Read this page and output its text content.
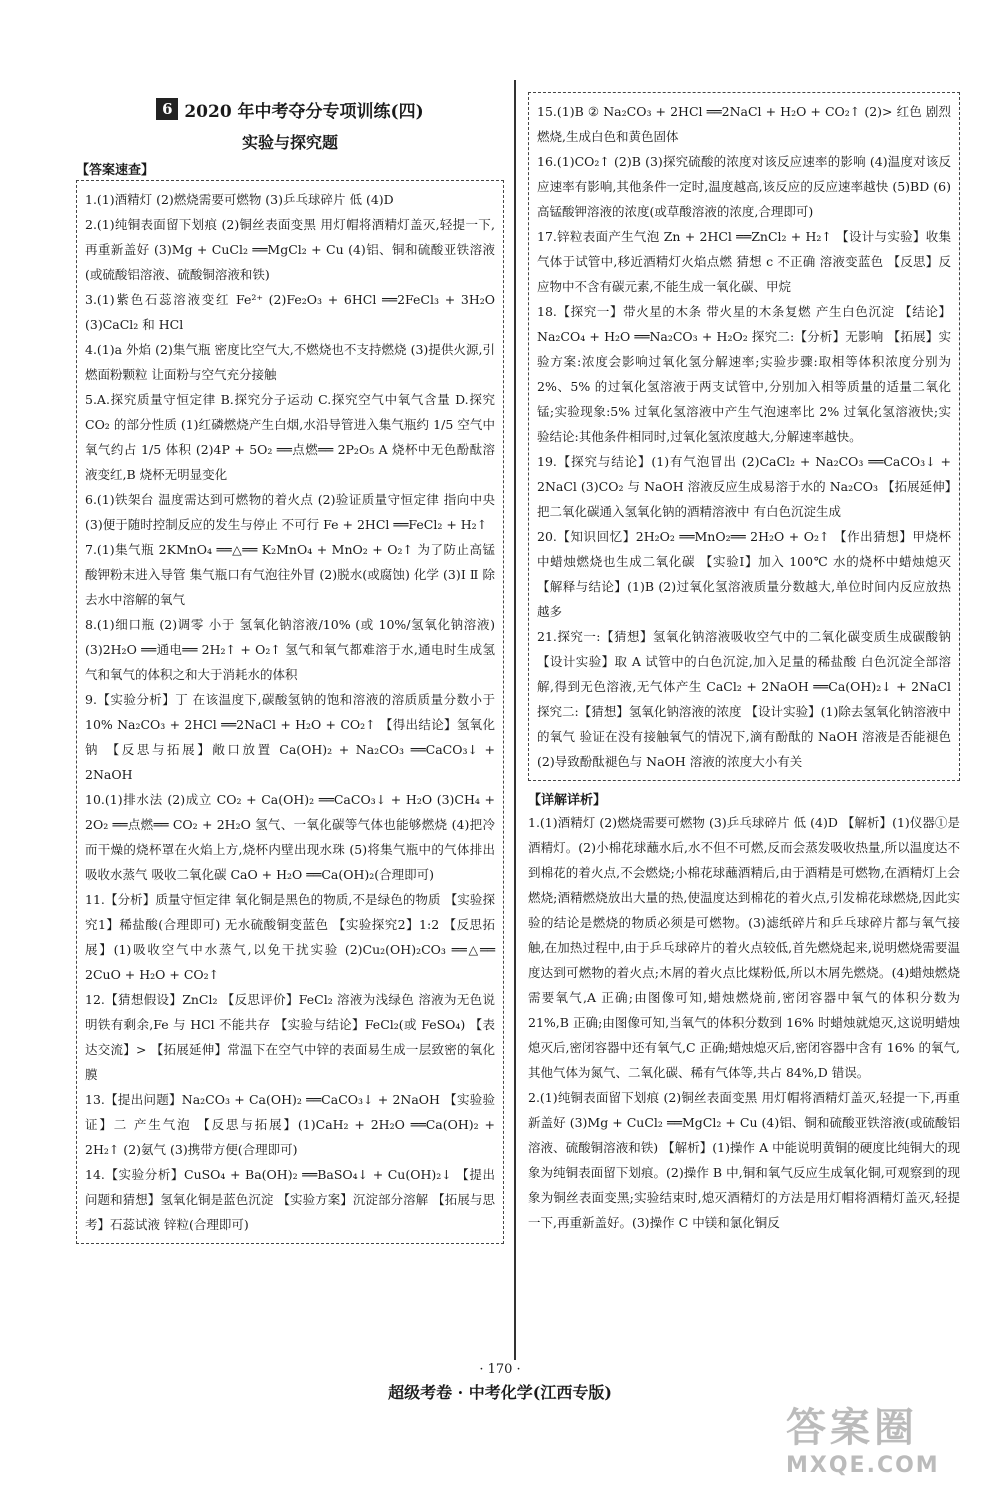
6 2020 年中考夺分专项训练(四)
实验与探究题
【答案速查】

1.(1)酒精灯 (2)燃烧需要可燃物 (3)乒乓球碎片 低 (4)D

2.(1)纯铜表面留下划痕 (2)铜丝表面变黑 用灯帽将酒精灯盖灭,轻提一下,再重新盖好 (3)Mg + CuCl₂ ══MgCl₂ + Cu (4)铝、铜和硫酸亚铁溶液(或硫酸铝溶液、硫酸铜溶液和铁)

3.(1)紫色石蕊溶液变红 Fe²⁺ (2)Fe₂O₃ + 6HCl ══2FeCl₃ + 3H₂O (3)CaCl₂ 和 HCl

4.(1)a 外焰 (2)集气瓶 密度比空气大,不燃烧也不支持燃烧 (3)提供火源,引燃面粉颗粒 让面粉与空气充分接触

5.A.探究质量守恒定律 B.探究分子运动 C.探究空气中氧气含量 D.探究 CO₂ 的部分性质 (1)红磷燃烧产生白烟,水沿导管进入集气瓶约 1/5 空气中氧气约占 1/5 体积 (2)4P + 5O₂ ══点燃══ 2P₂O₅ A 烧杯中无色酚酞溶液变红,B 烧杯无明显变化

6.(1)铁架台 温度需达到可燃物的着火点 (2)验证质量守恒定律 指向中央 (3)便于随时控制反应的发生与停止 不可行 Fe + 2HCl ══FeCl₂ + H₂↑

7.(1)集气瓶 2KMnO₄ ══△══ K₂MnO₄ + MnO₂ + O₂↑ 为了防止高锰酸钾粉末进入导管 集气瓶口有气泡往外冒 (2)脱水(或腐蚀) 化学 (3)Ⅰ Ⅱ 除去水中溶解的氧气

8.(1)细口瓶 (2)调零 小于 氢氧化钠溶液/10% (或 10%/氢氧化钠溶液) (3)2H₂O ══通电══ 2H₂↑ + O₂↑ 氢气和氧气都难溶于水,通电时生成氢气和氧气的体积之和大于消耗水的体积

9.【实验分析】丁 在该温度下,碳酸氢钠的饱和溶液的溶质质量分数小于 10% Na₂CO₃ + 2HCl ══2NaCl + H₂O + CO₂↑ 【得出结论】氢氧化钠 【反思与拓展】敞口放置 Ca(OH)₂ + Na₂CO₃ ══CaCO₃↓ + 2NaOH

10.(1)排水法 (2)成立 CO₂ + Ca(OH)₂ ══CaCO₃↓ + H₂O (3)CH₄ + 2O₂ ══点燃══ CO₂ + 2H₂O 氢气、一氧化碳等气体也能够燃烧 (4)把冷而干燥的烧杯罩在火焰上方,烧杯内壁出现水珠 (5)将集气瓶中的气体排出 吸收水蒸气 吸收二氧化碳 CaO + H₂O ══Ca(OH)₂(合理即可)

11.【分析】质量守恒定律 氧化铜是黑色的物质,不是绿色的物质 【实验探究1】稀盐酸(合理即可) 无水硫酸铜变蓝色 【实验探究2】1:2 【反思拓展】(1)吸收空气中水蒸气,以免干扰实验 (2)Cu₂(OH)₂CO₃ ══△══ 2CuO + H₂O + CO₂↑

12.【猜想假设】ZnCl₂ 【反思评价】FeCl₂ 溶液为浅绿色 溶液为无色说明铁有剩余,Fe 与 HCl 不能共存 【实验与结论】FeCl₂(或 FeSO₄) 【表达交流】> 【拓展延伸】常温下在空气中锌的表面易生成一层致密的氧化膜

13.【提出问题】Na₂CO₃ + Ca(OH)₂ ══CaCO₃↓ + 2NaOH 【实验验证】二 产生气泡 【反思与拓展】(1)CaH₂ + 2H₂O ══Ca(OH)₂ + 2H₂↑ (2)氨气 (3)携带方便(合理即可)

14.【实验分析】CuSO₄ + Ba(OH)₂ ══BaSO₄↓ + Cu(OH)₂↓ 【提出问题和猜想】氢氧化铜是蓝色沉淀 【实验方案】沉淀部分溶解 【拓展与思考】石蕊试液 锌粒(合理即可)

15.(1)B ② Na₂CO₃ + 2HCl ══2NaCl + H₂O + CO₂↑ (2)> 红色 剧烈燃烧,生成白色和黄色固体

16.(1)CO₂↑ (2)B (3)探究硫酸的浓度对该反应速率的影响 (4)温度对该反应速率有影响,其他条件一定时,温度越高,该反应的反应速率越快 (5)BD (6)高锰酸钾溶液的浓度(或草酸溶液的浓度,合理即可)

17.锌粒表面产生气泡 Zn + 2HCl ══ZnCl₂ + H₂↑ 【设计与实验】收集气体于试管中,移近酒精灯火焰点燃 猜想 c 不正确 溶液变蓝色 【反思】反应物中不含有碳元素,不能生成一氧化碳、甲烷

18.【探究一】带火星的木条 带火星的木条复燃 产生白色沉淀 【结论】Na₂CO₄ + H₂O ══Na₂CO₃ + H₂O₂ 探究二:【分析】无影响 【拓展】实验方案:浓度会影响过氧化氢分解速率;实验步骤:取相等体积浓度分别为 2%、5% 的过氧化氢溶液于两支试管中,分别加入相等质量的适量二氧化锰;实验现象:5% 过氧化氢溶液中产生气泡速率比 2% 过氧化氢溶液快;实验结论:其他条件相同时,过氧化氢浓度越大,分解速率越快。

19.【探究与结论】(1)有气泡冒出 (2)CaCl₂ + Na₂CO₃ ══CaCO₃↓ + 2NaCl (3)CO₂ 与 NaOH 溶液反应生成易溶于水的 Na₂CO₃ 【拓展延伸】把二氧化碳通入氢氧化钠的酒精溶液中 有白色沉淀生成

20.【知识回忆】2H₂O₂ ══MnO₂══ 2H₂O + O₂↑ 【作出猜想】甲烧杯中蜡烛燃烧也生成二氧化碳 【实验Ⅰ】加入 100℃ 水的烧杯中蜡烛熄灭 【解释与结论】(1)B (2)过氧化氢溶液质量分数越大,单位时间内反应放热越多

21.探究一:【猜想】氢氧化钠溶液吸收空气中的二氧化碳变质生成碳酸钠 【设计实验】取 A 试管中的白色沉淀,加入足量的稀盐酸 白色沉淀全部溶解,得到无色溶液,无气体产生 CaCl₂ + 2NaOH ══Ca(OH)₂↓ + 2NaCl 探究二:【猜想】氢氧化钠溶液的浓度 【设计实验】(1)除去氢氧化钠溶液中的氧气 验证在没有接触氧气的情况下,滴有酚酞的 NaOH 溶液是否能褪色 (2)导致酚酞褪色与 NaOH 溶液的浓度大小有关

【详解详析】

1.(1)酒精灯 (2)燃烧需要可燃物 (3)乒乓球碎片 低 (4)D 【解析】(1)仪器①是酒精灯。(2)小棉花球蘸水后,水不但不可燃,反而会蒸发吸收热量,所以温度达不到棉花的着火点,不会燃烧;小棉花球蘸酒精后,由于酒精是可燃物,在酒精灯上会燃烧;酒精燃烧放出大量的热,使温度达到棉花的着火点,引发棉花球燃烧,因此实验的结论是燃烧的物质必须是可燃物。(3)滤纸碎片和乒乓球碎片都与氧气接触,在加热过程中,由于乒乓球碎片的着火点较低,首先燃烧起来,说明燃烧需要温度达到可燃物的着火点;木屑的着火点比煤粉低,所以木屑先燃烧。(4)蜡烛燃烧需要氧气,A 正确;由图像可知,蜡烛燃烧前,密闭容器中氧气的体积分数为 21%,B 正确;由图像可知,当氧气的体积分数到 16% 时蜡烛就熄灭,这说明蜡烛熄灭后,密闭容器中还有氧气,C 正确;蜡烛熄灭后,密闭容器中含有 16% 的氧气,其他气体为氮气、二氧化碳、稀有气体等,共占 84%,D 错误。

2.(1)纯铜表面留下划痕 (2)铜丝表面变黑 用灯帽将酒精灯盖灭,轻提一下,再重新盖好 (3)Mg + CuCl₂ ══MgCl₂ + Cu (4)铝、铜和硫酸亚铁溶液(或硫酸铝溶液、硫酸铜溶液和铁) 【解析】(1)操作 A 中能说明黄铜的硬度比纯铜大的现象为纯铜表面留下划痕。(2)操作 B 中,铜和氧气反应生成氧化铜,可观察到的现象为铜丝表面变黑;实验结束时,熄灭酒精灯的方法是用灯帽将酒精灯盖灭,轻提一下,再重新盖好。(3)操作 C 中镁和氯化铜反

· 170 ·
超级考卷 · 中考化学(江西专版)
答案圈
MXQE.COM
